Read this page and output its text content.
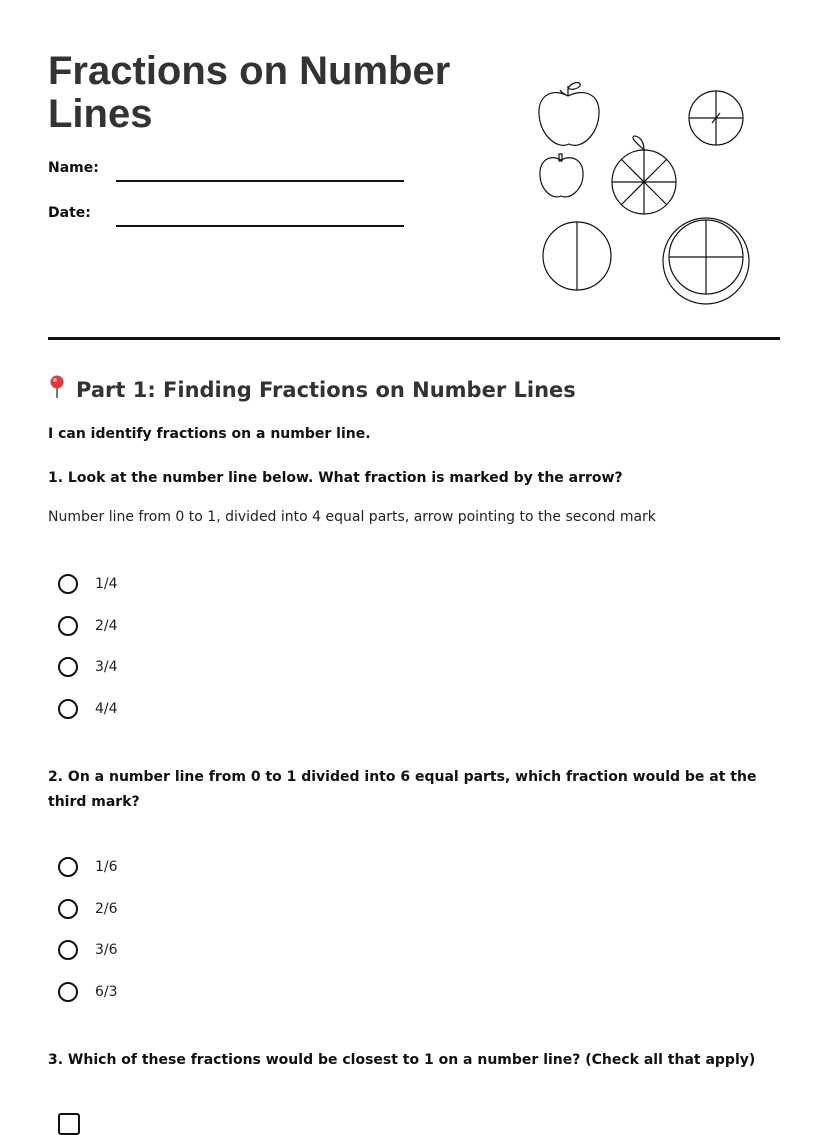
Fractions on Number Lines
Name:
Date:
Part 1: Finding Fractions on Number Lines
I can identify fractions on a number line.
1. Look at the number line below. What fraction is marked by the arrow?
Number line from 0 to 1, divided into 4 equal parts, arrow pointing to the second mark
1/4
2/4
3/4
4/4
2. On a number line from 0 to 1 divided into 6 equal parts, which fraction would be at the third mark?
1/6
2/6
3/6
6/3
3. Which of these fractions would be closest to 1 on a number line? (Check all that apply)
